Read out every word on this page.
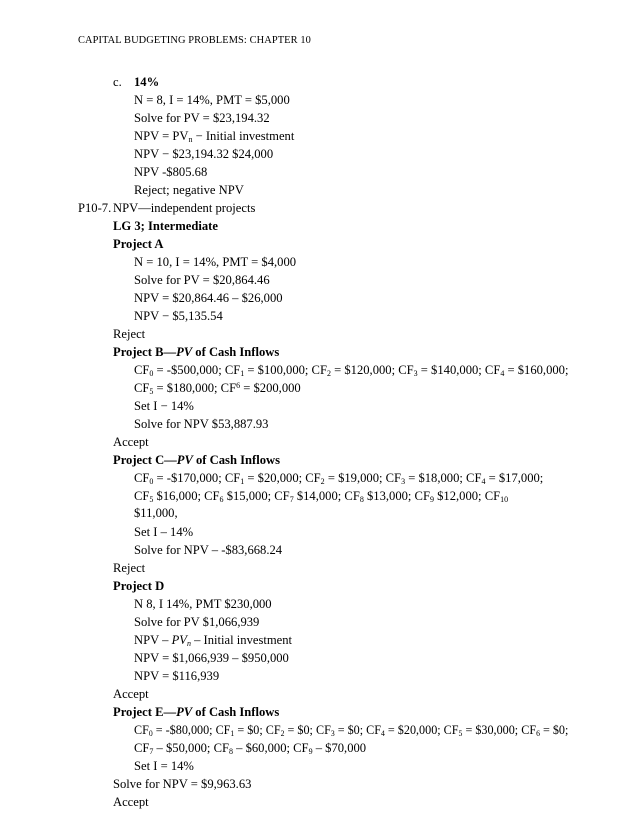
CAPITAL BUDGETING PROBLEMS: CHAPTER 10
c. 14%
N = 8, I = 14%, PMT = $5,000
Solve for PV = $23,194.32
NPV = $PV_n$ − Initial investment
NPV − $23,194.32 $24,000
NPV -$805.68
Reject; negative NPV
P10-7. NPV—independent projects
LG 3; Intermediate
Project A
N = 10, I = 14%, PMT = $4,000
Solve for PV = $20,864.46
NPV = $20,864.46 – $26,000
NPV − $5,135.54
Reject
Project B—PV of Cash Inflows
$CF_0$ = -$500,000; $CF_1$ = $100,000; $CF_2$ = $120,000; $CF_3$ = $140,000; $CF_4$ = $160,000;
$CF_5$ = $180,000; $CF^6$ = $200,000
Set I − 14%
Solve for NPV $53,887.93
Accept
Project C—PV of Cash Inflows
$CF_0$ = -$170,000; $CF_1$ = $20,000; $CF_2$ = $19,000; $CF_3$ = $18,000; $CF_4$ = $17,000;
$CF_5$ $16,000; $CF_6$ $15,000; $CF_7$ $14,000; $CF_8$ $13,000; $CF_9$ $12,000; $CF_{10}$
$11,000,
Set I – 14%
Solve for NPV – -$83,668.24
Reject
Project D
N 8, I 14%, PMT $230,000
Solve for PV $1,066,939
NPV – $PV_n$ – Initial investment
NPV = $1,066,939 – $950,000
NPV = $116,939
Accept
Project E—PV of Cash Inflows
$CF_0$ = -$80,000; $CF_1$ = $0; $CF_2$ = $0; $CF_3$ = $0; $CF_4$ = $20,000; $CF_5$ = $30,000; $CF_6$ = $0;
$CF_7$ – $50,000; $CF_8$ – $60,000; $CF_9$ – $70,000
Set I = 14%
Solve for NPV = $9,963.63
Accept
